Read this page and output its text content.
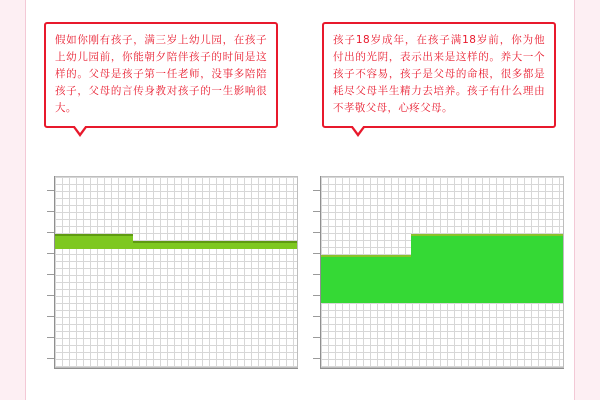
假如你刚有孩子，满三岁上幼儿园，在孩子上幼儿园前，你能朝夕陪伴孩子的时间是这样的。父母是孩子第一任老师，没事多陪陪孩子，父母的言传身教对孩子的一生影响很大。
孩子18岁成年，在孩子满18岁前，你为他付出的光阴，表示出来是这样的。养大一个孩子不容易，孩子是父母的命根，很多都是耗尽父母半生精力去培养。孩子有什么理由不孝敬父母，心疼父母。
